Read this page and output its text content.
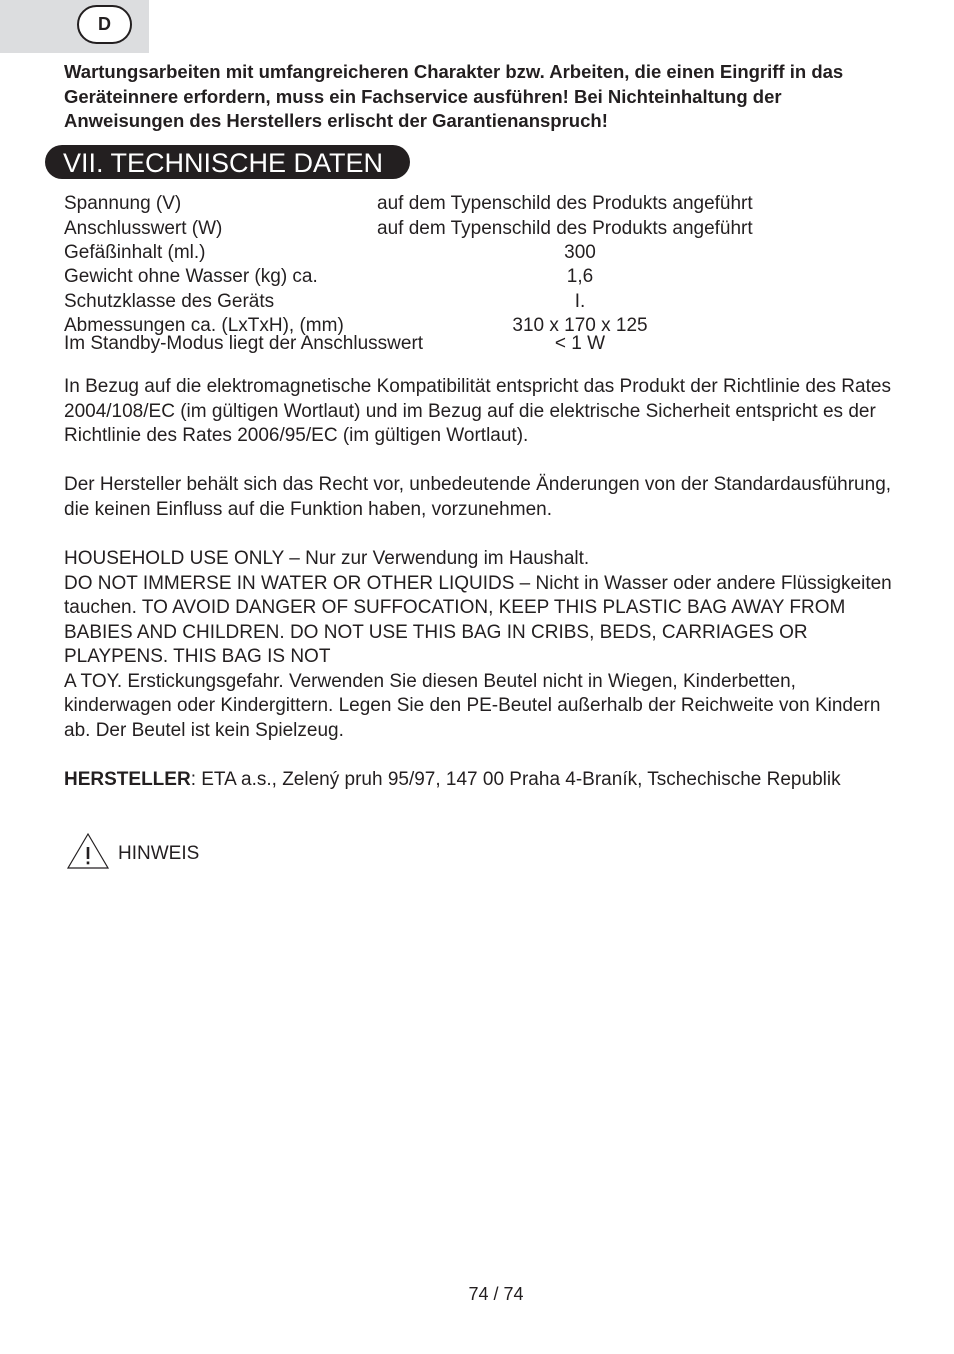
D
Wartungsarbeiten mit umfangreicheren Charakter bzw. Arbeiten, die einen Eingriff in das Geräteinnere erfordern, muss ein Fachservice ausführen! Bei Nichteinhaltung der Anweisungen des Herstellers erlischt der Garantienanspruch!
VII. TECHNISCHE DATEN
Spannung (V)	auf dem Typenschild des Produkts angeführt
Anschlusswert (W)	auf dem Typenschild des Produkts angeführt
Gefäßinhalt (ml.)	300
Gewicht ohne Wasser (kg) ca.	1,6
Schutzklasse des Geräts	I.
Abmessungen ca. (LxTxH), (mm)	310 x 170 x 125
Im Standby-Modus liegt der Anschlusswert	< 1 W

In Bezug auf die elektromagnetische Kompatibilität entspricht das Produkt der Richtlinie des Rates 2004/108/EC (im gültigen Wortlaut) und im Bezug auf die elektrische Sicherheit entspricht es der Richtlinie des Rates 2006/95/EC (im gültigen Wortlaut).

Der Hersteller behält sich das Recht vor, unbedeutende Änderungen von der Standardausführung, die keinen Einfluss auf die Funktion haben, vorzunehmen.

HOUSEHOLD USE ONLY – Nur zur Verwendung im Haushalt.

DO NOT IMMERSE IN WATER OR OTHER LIQUIDS – Nicht in Wasser oder andere Flüssigkeiten tauchen. TO AVOID DANGER OF SUFFOCATION, KEEP THIS PLASTIC BAG AWAY FROM BABIES AND CHILDREN. DO NOT USE THIS BAG IN CRIBS, BEDS, CARRIAGES OR PLAYPENS. THIS BAG IS NOT

A TOY. Erstickungsgefahr. Verwenden Sie diesen Beutel nicht in Wiegen, Kinderbetten, kinderwagen oder Kindergittern. Legen Sie den PE-Beutel außerhalb der Reichweite von Kindern ab. Der Beutel ist kein Spielzeug.

HERSTELLER: ETA a.s., Zelený pruh 95/97, 147 00 Praha 4-Braník, Tschechische Republik

HINWEIS
74 / 74
